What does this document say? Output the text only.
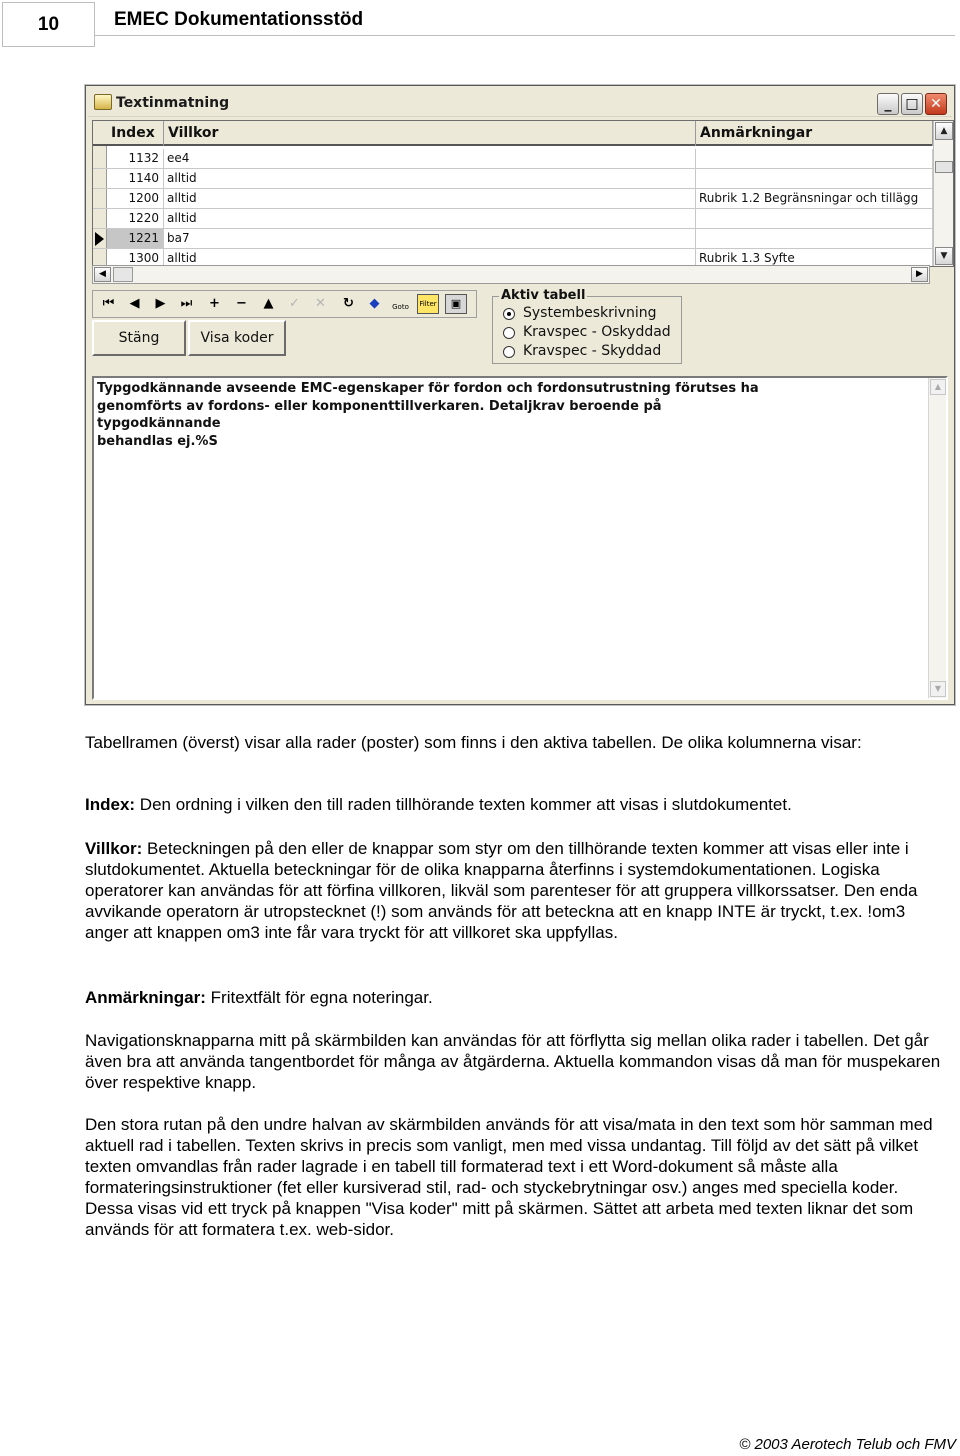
10	EMEC Dokumentationsstöd
Textinmatning	_ □ ✕
Index Villkor	Anmärkningar
1132 ee4
1140 alltid
1200 alltid	Rubrik 1.2 Begränsningar och tillägg
1220 alltid
1221 ba7
1300 alltid	Rubrik 1.3 Syfte
▲
▼
◀	▶
⏮	◀	▶	⏭	+	−	▲	✓	✕	↻	◆	Goto	Filter	▣
Stäng	Visa koder
Aktiv tabell
Systembeskrivning
Kravspec - Oskyddad
Kravspec - Skyddad
Typgodkännande avseende EMC-egenskaper för fordon och fordonsutrustning förutses ha
genomförts av fordons- eller komponenttillverkaren. Detaljkrav beroende på typgodkännande
behandlas ej.%S
▲
▼
Tabellramen (överst) visar alla rader (poster) som finns i den aktiva tabellen. De olika kolumnerna visar:
Index: Den ordning i vilken den till raden tillhörande texten kommer att visas i slutdokumentet.
Villkor: Beteckningen på den eller de knappar som styr om den tillhörande texten kommer att visas eller inte i slutdokumentet. Aktuella beteckningar för de olika knapparna återfinns i systemdokumentationen. Logiska operatorer kan användas för att förfina villkoren, likväl som parenteser för att gruppera villkorssatser. Den enda avvikande operatorn är utropstecknet (!) som används för att beteckna att en knapp INTE är tryckt, t.ex. !om3 anger att knappen om3 inte får vara tryckt för att villkoret ska uppfyllas.
Anmärkningar: Fritextfält för egna noteringar.
Navigationsknapparna mitt på skärmbilden kan användas för att förflytta sig mellan olika rader i tabellen. Det går även bra att använda tangentbordet för många av åtgärderna. Aktuella kommandon visas då man för muspekaren över respektive knapp.
Den stora rutan på den undre halvan av skärmbilden används för att visa/mata in den text som hör samman med aktuell rad i tabellen. Texten skrivs in precis som vanligt, men med vissa undantag. Till följd av det sätt på vilket texten omvandlas från rader lagrade i en tabell till formaterad text i ett Word-dokument så måste alla formateringsinstruktioner (fet eller kursiverad stil, rad- och styckebrytningar osv.) anges med speciella koder. Dessa visas vid ett tryck på knappen "Visa koder" mitt på skärmen. Sättet att arbeta med texten liknar det som används för att formatera t.ex. web-sidor.
© 2003 Aerotech Telub och FMV
